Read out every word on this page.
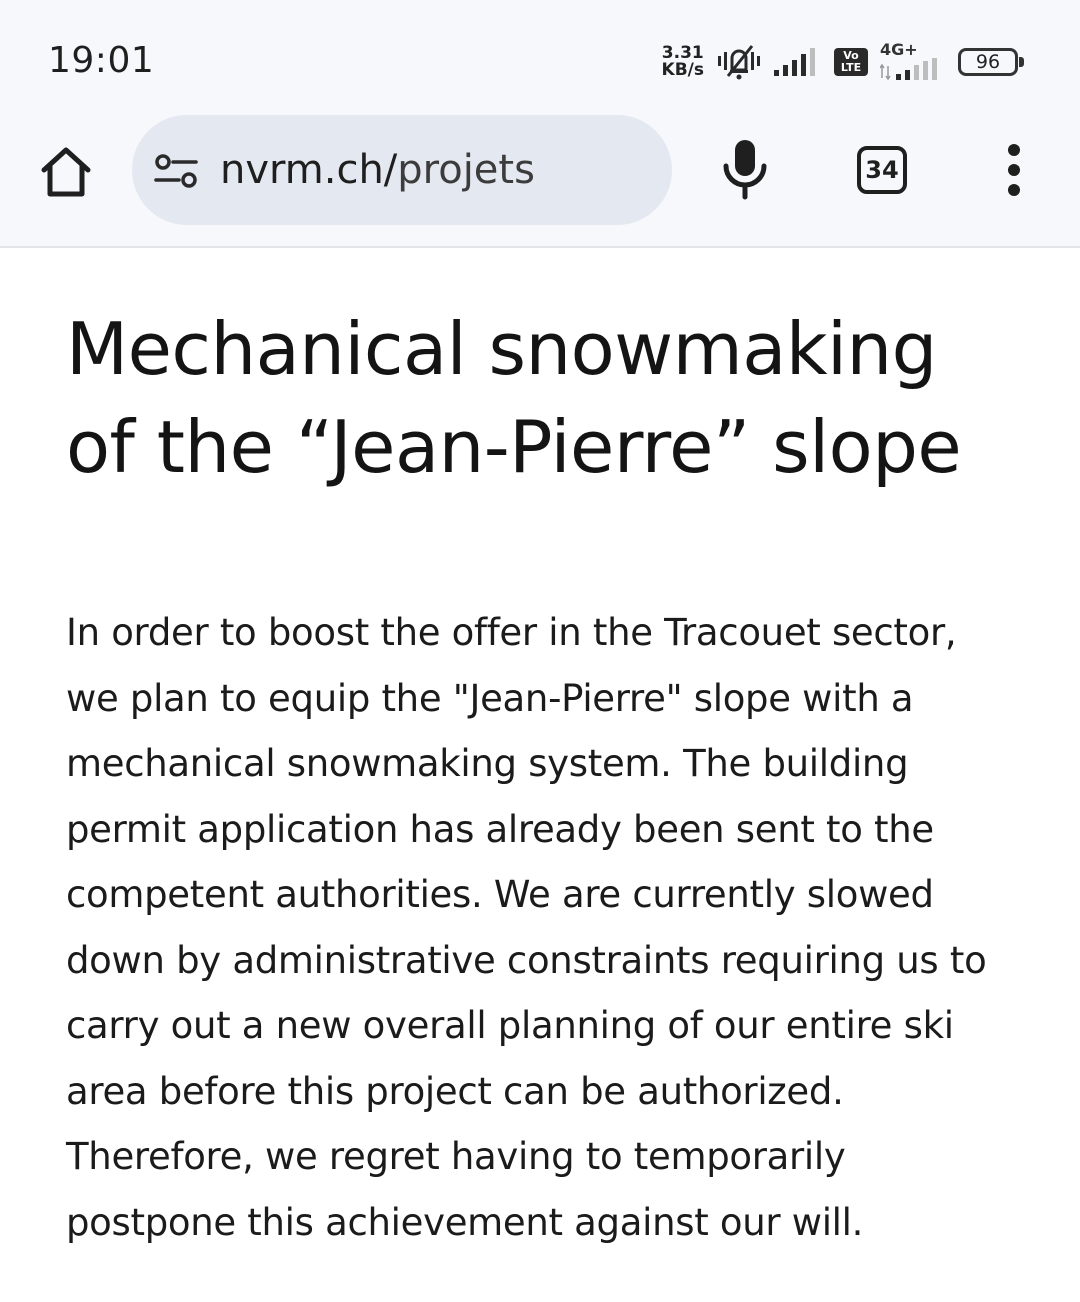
19:01	3.31
KB/s
Vo
LTE
4G+
96
nvrm.ch/projets	34
Mechanical snowmaking
of the “Jean-Pierre” slope

In order to boost the offer in the Tracouet sector, we plan to equip the "Jean-Pierre" slope with a mechanical snowmaking system. The building permit application has already been sent to the competent authorities. We are currently slowed down by administrative constraints requiring us to carry out a new overall planning of our entire ski area before this project can be authorized. Therefore, we regret having to temporarily postpone this achievement against our will.
